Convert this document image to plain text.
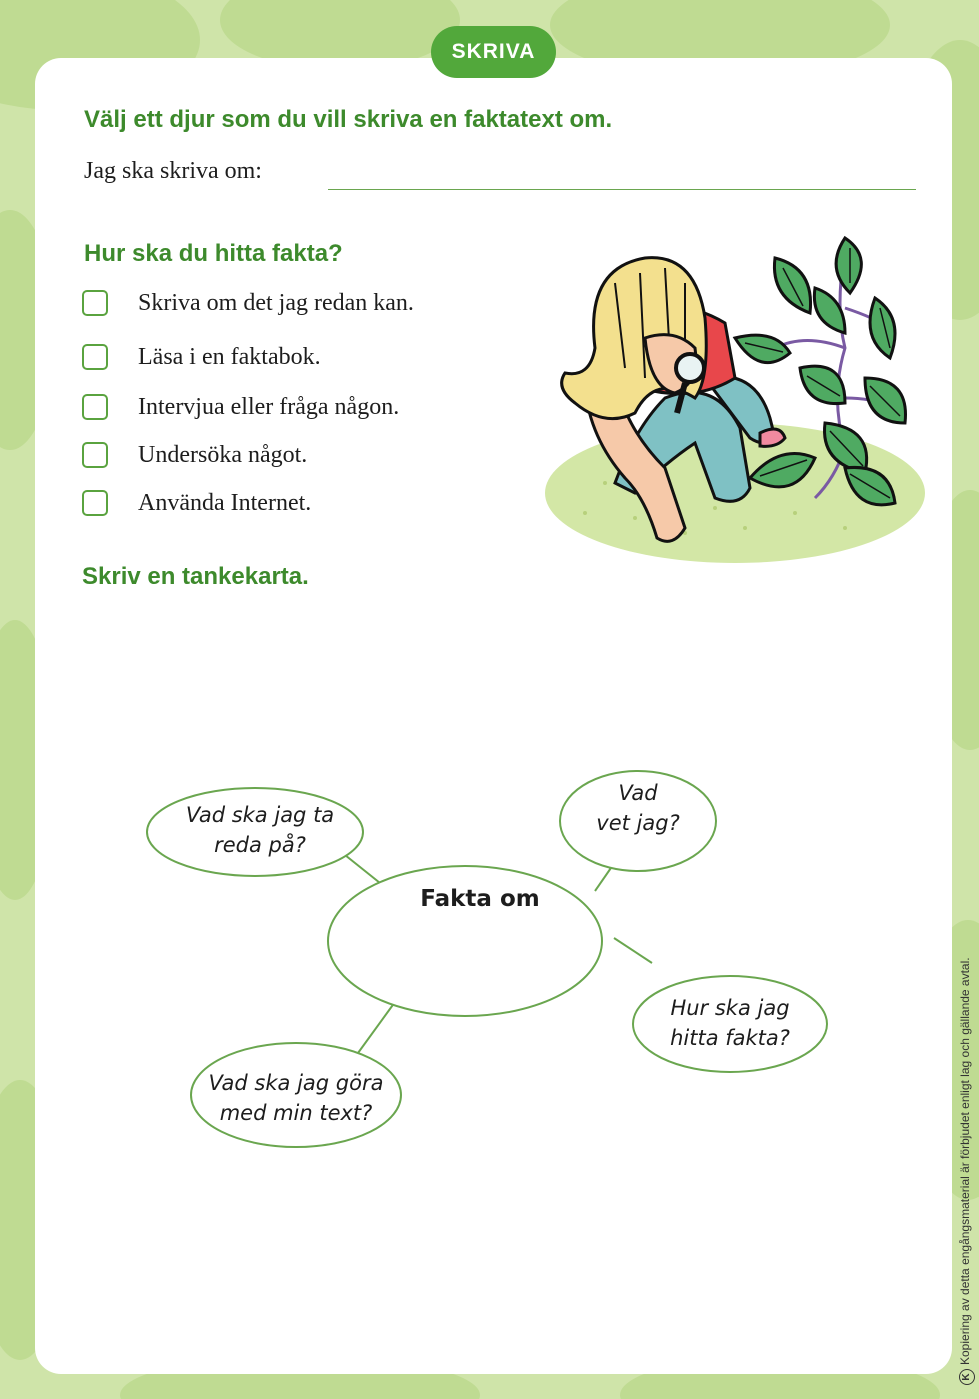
SKRIVA
Välj ett djur som du vill skriva en faktatext om.
Jag ska skriva om:
Hur ska du hitta fakta?
Skriva om det jag redan kan.
Läsa i en faktabok.
Intervjua eller fråga någon.
Undersöka något.
Använda Internet.
Skriv en tankekarta.
Fakta om
Vad ska jag ta
reda på?
Vad
vet jag?
Hur ska jag
hitta fakta?
Vad ska jag göra
med min text?
KKopiering av detta engångsmaterial är förbjudet enligt lag och gällande avtal.
